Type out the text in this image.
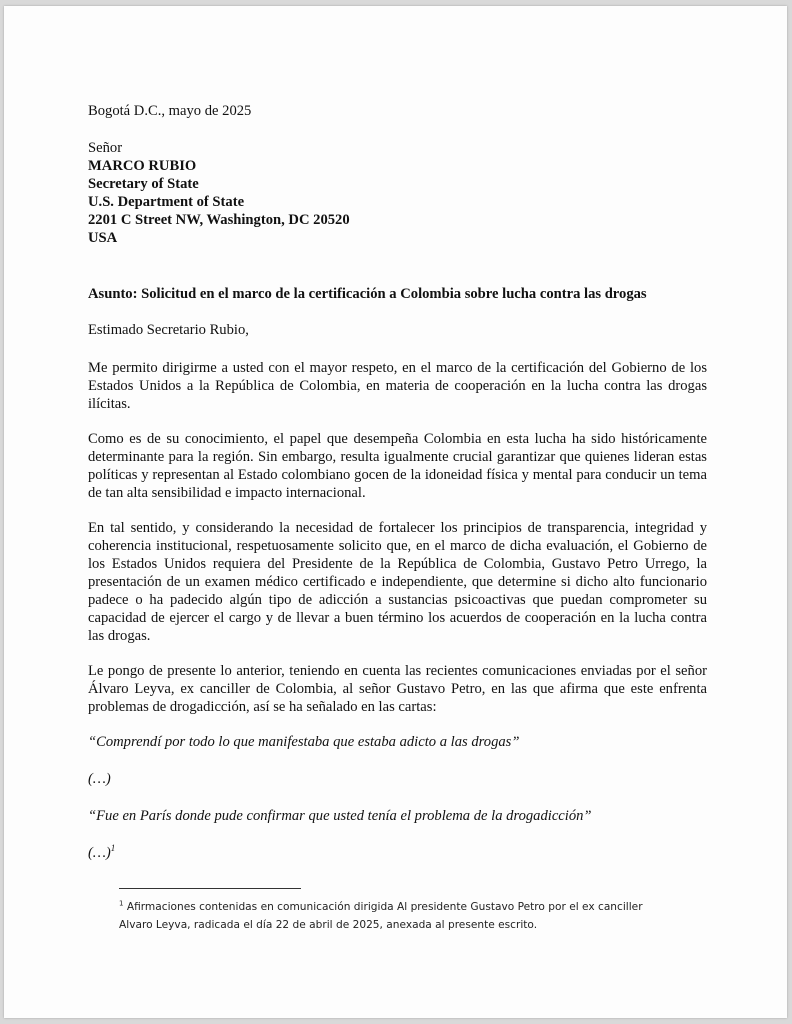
Bogotá D.C., mayo de 2025
Señor
MARCO RUBIO
Secretary of State
U.S. Department of State
2201 C Street NW, Washington, DC 20520
USA
Asunto: Solicitud en el marco de la certificación a Colombia sobre lucha contra las drogas
Estimado Secretario Rubio,

Me permito dirigirme a usted con el mayor respeto, en el marco de la certificación del Gobierno de los Estados Unidos a la República de Colombia, en materia de cooperación en la lucha contra las drogas ilícitas.

Como es de su conocimiento, el papel que desempeña Colombia en esta lucha ha sido históricamente determinante para la región. Sin embargo, resulta igualmente crucial garantizar que quienes lideran estas políticas y representan al Estado colombiano gocen de la idoneidad física y mental para conducir un tema de tan alta sensibilidad e impacto internacional.

En tal sentido, y considerando la necesidad de fortalecer los principios de transparencia, integridad y coherencia institucional, respetuosamente solicito que, en el marco de dicha evaluación, el Gobierno de los Estados Unidos requiera del Presidente de la República de Colombia, Gustavo Petro Urrego, la presentación de un examen médico certificado e independiente, que determine si dicho alto funcionario padece o ha padecido algún tipo de adicción a sustancias psicoactivas que puedan comprometer su capacidad de ejercer el cargo y de llevar a buen término los acuerdos de cooperación en la lucha contra las drogas.

Le pongo de presente lo anterior, teniendo en cuenta las recientes comunicaciones enviadas por el señor Álvaro Leyva, ex canciller de Colombia, al señor Gustavo Petro, en las que afirma que este enfrenta problemas de drogadicción, así se ha señalado en las cartas:

“Comprendí por todo lo que manifestaba que estaba adicto a las drogas”

(…)

“Fue en París donde pude confirmar que usted tenía el problema de la drogadicción”

(…)$^1$

$^1$ Afirmaciones contenidas en comunicación dirigida Al presidente Gustavo Petro por el ex canciller Alvaro Leyva, radicada el día 22 de abril de 2025, anexada al presente escrito.
